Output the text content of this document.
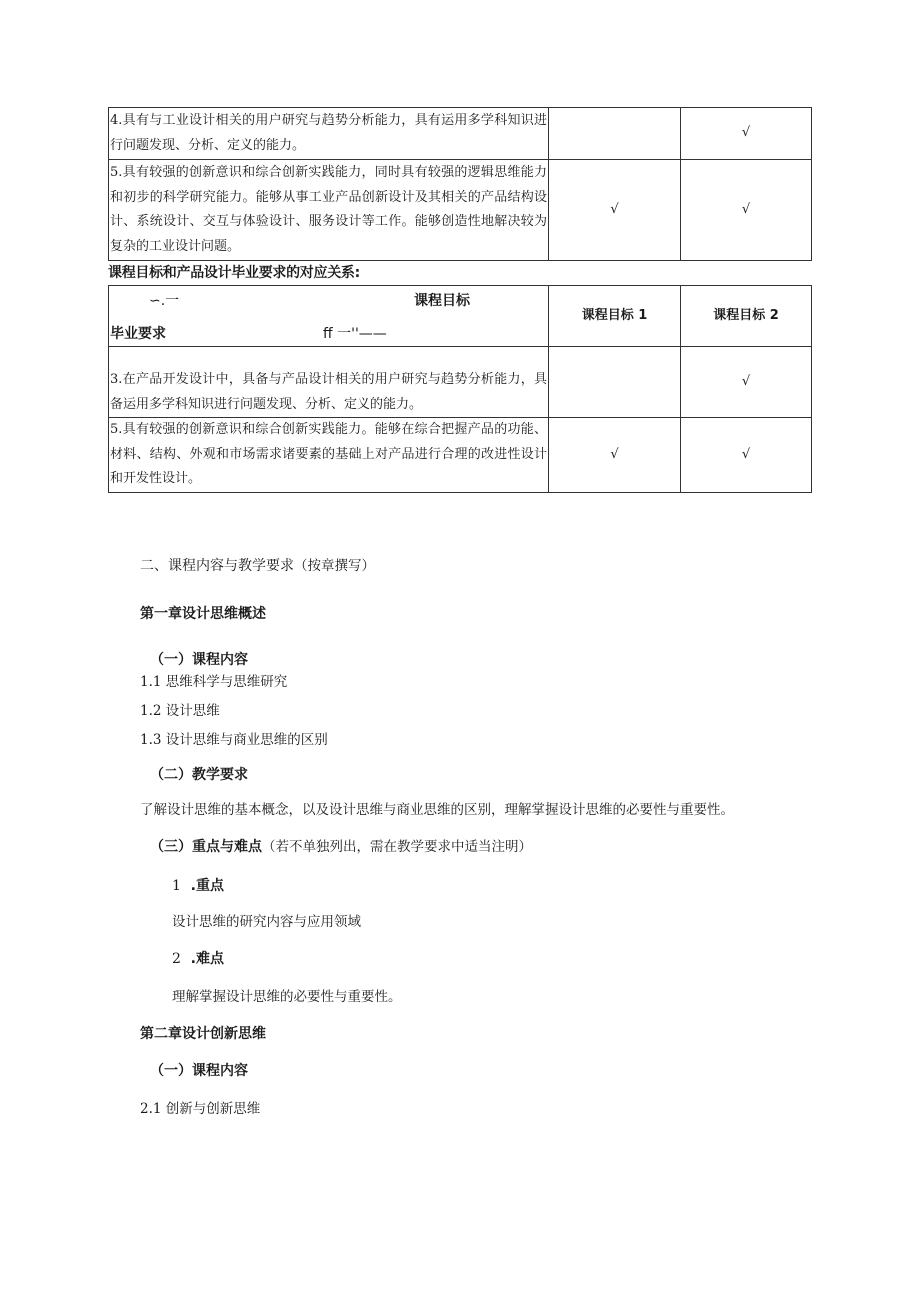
4.具有与工业设计相关的用户研究与趋势分析能力，具有运用多学科知识进行问题发现、分析、定义的能力。		√
5.具有较强的创新意识和综合创新实践能力，同时具有较强的逻辑思维能力和初步的科学研究能力。能够从事工业产品创新设计及其相关的产品结构设计、系统设计、交互与体验设计、服务设计等工作。能够创造性地解决较为复杂的工业设计问题。	√	√
课程目标和产品设计毕业要求的对应关系:
∽.一 课程目标
毕业要求 ff 一''——	课程目标 1	课程目标 2
3.在产品开发设计中，具备与产品设计相关的用户研究与趋势分析能力，具备运用多学科知识进行问题发现、分析、定义的能力。		√
5.具有较强的创新意识和综合创新实践能力。能够在综合把握产品的功能、材料、结构、外观和市场需求诸要素的基础上对产品进行合理的改进性设计和开发性设计。	√	√
二、课程内容与教学要求（按章撰写）
第一章设计思维概述
（一）课程内容
1.1 思维科学与思维研究
1.2 设计思维
1.3 设计思维与商业思维的区别
（二）教学要求
了解设计思维的基本概念，以及设计思维与商业思维的区别，理解掌握设计思维的必要性与重要性。
（三）重点与难点（若不单独列出，需在教学要求中适当注明）
1 .重点
设计思维的研究内容与应用领域
2 .难点
理解掌握设计思维的必要性与重要性。
第二章设计创新思维
（一）课程内容
2.1 创新与创新思维
